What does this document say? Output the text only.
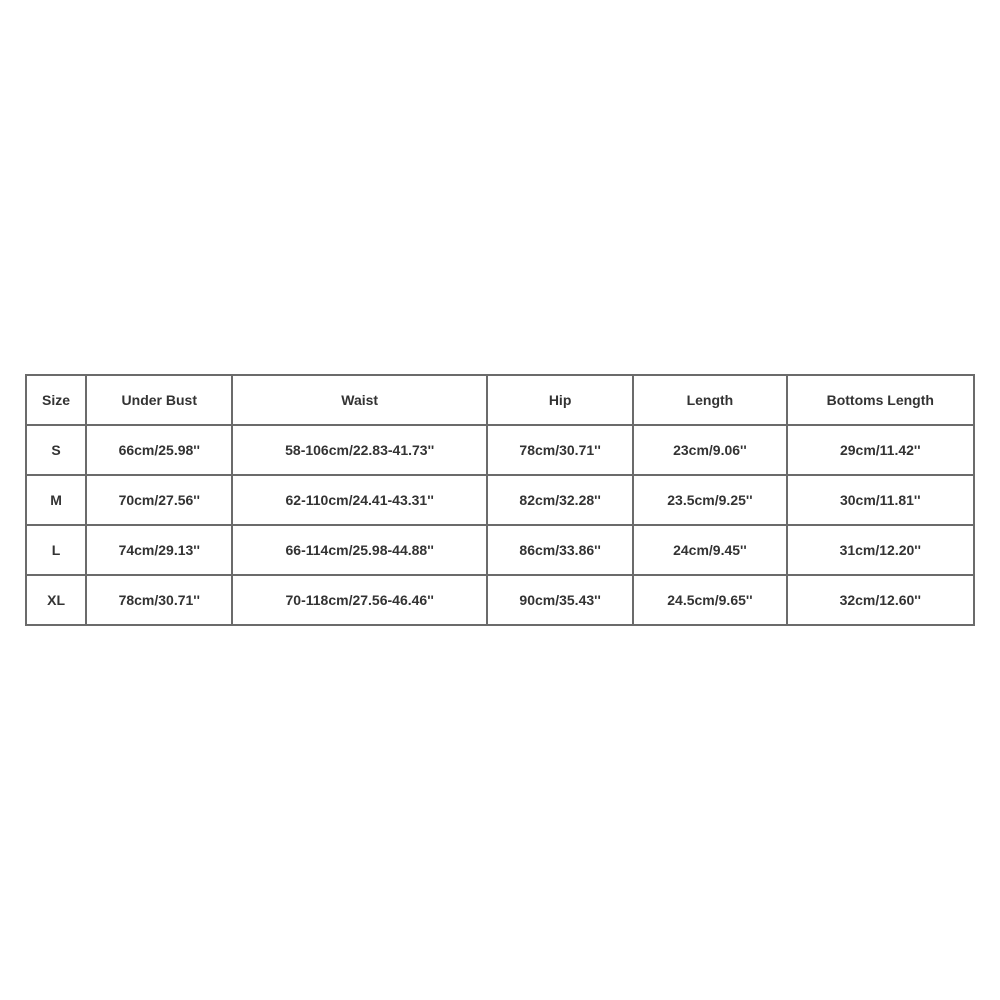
Size	Under Bust	Waist	Hip	Length	Bottoms Length
S	66cm/25.98''	58-106cm/22.83-41.73''	78cm/30.71''	23cm/9.06''	29cm/11.42''
M	70cm/27.56''	62-110cm/24.41-43.31''	82cm/32.28''	23.5cm/9.25''	30cm/11.81''
L	74cm/29.13''	66-114cm/25.98-44.88''	86cm/33.86''	24cm/9.45''	31cm/12.20''
XL	78cm/30.71''	70-118cm/27.56-46.46''	90cm/35.43''	24.5cm/9.65''	32cm/12.60''
